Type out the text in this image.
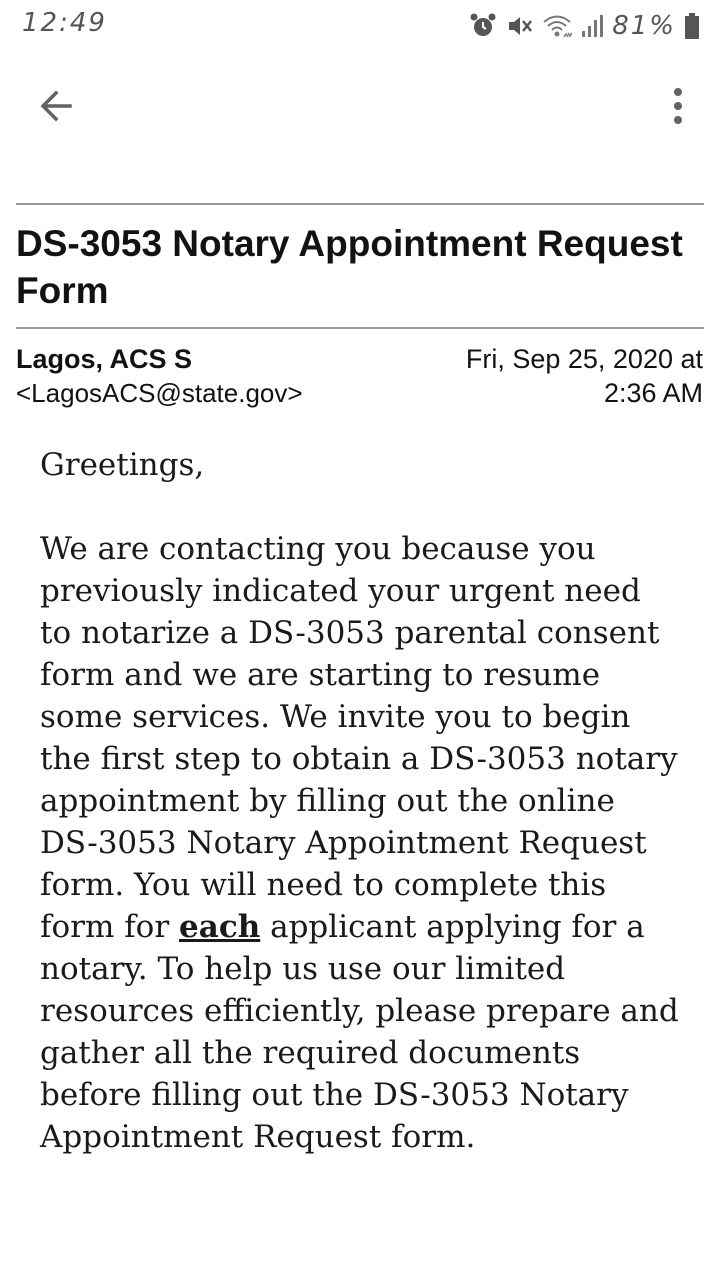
12:49	81%
DS-3053 Notary Appointment Request Form
Lagos, ACS S
<LagosACS@state.gov>
Fri, Sep 25, 2020 at
2:36 AM

Greetings,

We are contacting you because you previously indicated your urgent need to notarize a DS-3053 parental consent form and we are starting to resume some services. We invite you to begin the first step to obtain a DS-3053 notary appointment by filling out the online DS-3053 Notary Appointment Request form. You will need to complete this form for each applicant applying for a notary. To help us use our limited resources efficiently, please prepare and gather all the required documents before filling out the DS-3053 Notary Appointment Request form.
